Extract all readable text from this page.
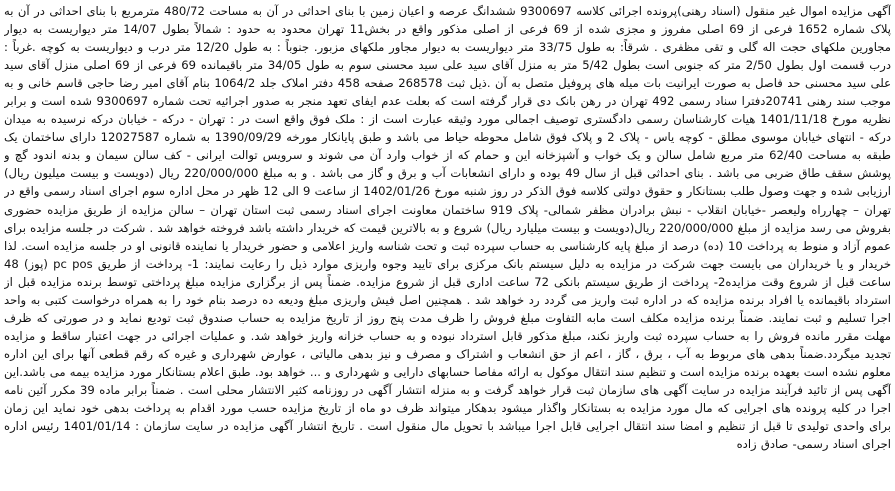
آگهی مزایده اموال غیر منقول (اسناد رهنی)پرونده اجرائی کلاسه 9300697 ششدانگ عرصه و اعیان زمین با بنای احداثی در آن به مساحت 480/72 مترمربع با بنای احداثی در آن به پلاک شماره 1652 فرعی از 69 اصلی مفروز و مجزی شده از 69 فرعی از اصلی مذکور واقع در بخش11 تهران محدود به حدود : شمالاً بطول 14/07 متر دیواریست به دیوار مجاورین ملکهای حجت اله گلی و تقی مظفری . شرقاً: به طول 33/75 متر دیواریست به دیوار مجاور ملکهای مزبور. جنوباً : به طول 12/20 متر درب و دیواریست به کوچه .غرباً : درب قسمت اول بطول 2/50 متر که جنوبی است بطول 5/42 متر به منزل آقای سید علی سید محسنی سوم به طول 34/05 متر باقیمانده 69 فرعی از 69 اصلی منزل آقای سید علی سید محسنی حد فاصل به صورت ایرانیت بات میله های پروفیل متصل به آن .ذیل ثبت 268578 صفحه 458 دفتر املاک جلد 1064/2 بنام آقای امیر رضا حاجی قاسم خانی و به موجب سند رهنی 20741دفترا سناد رسمی 492 تهران در رهن بانک دی قرار گرفته است که بعلت عدم ایفای تعهد منجر به صدور اجرائیه تحت شماره 9300697 شده است و برابر نظریه مورخ 1401/11/18 هیات کارشناسان رسمی دادگستری توصیف اجمالی مورد وثیقه عبارت است از : ملک فوق واقع است در : تهران - درکه - خیابان درکه نرسیده به میدان درکه - انتهای خیابان موسوی مطلق - کوچه یاس - پلاک 2 و پلاک فوق شامل محوطه حیاط می باشد و طبق پایانکار مورخه 1390/09/29 به شماره 12027587 دارای ساختمان یک طبقه به مساحت 62/40 متر مربع شامل سالن و یک خواب و آشپزخانه این و حمام که از خواب وارد آن می شوند و سرویس توالت ایرانی - کف سالن سیمان و بدنه اندود گچ و پوشش سقف طاق ضربی می باشد . بنای احداثی قبل از سال 49 بوده و دارای انشعابات آب و برق و گاز می باشد . و به مبلغ 220/000/000 ریال (دویست و بیست میلیون ریال) ارزیابی شده و جهت وصول طلب بستانکار و حقوق دولتی کلاسه فوق الذکر در روز شنبه مورخ 1402/01/26 از ساعت 9 الی 12 ظهر در محل اداره سوم اجرای اسناد رسمی واقع در تهران – چهارراه ولیعصر -خیابان انقلاب - نبش برادران مظفر شمالی- پلاک 919 ساختمان معاونت اجرای اسناد رسمی ثبت استان تهران – سالن مزایده از طریق مزایده حضوری بفروش می رسد مزایده از مبلغ 220/000/000 ریال(دویست و بیست میلیارد ریال) شروع و به بالاترین قیمت که خریدار داشته باشد فروخته خواهد شد . شرکت در جلسه مزایده برای عموم آزاد و منوط به پرداخت 10 (ده) درصد از مبلغ پایه کارشناسی به حساب سپرده ثبت و تحت شناسه واریز اعلامی و حضور خریدار یا نماینده قانونی او در جلسه مزایده است. لذا خریدار و یا خریداران می بایست جهت شرکت در مزایده به دلیل سیستم بانک مرکزی برای تایید وجوه واریزی موارد ذیل را رعایت نمایند: 1- پرداخت از طریق pc pos (پوز) 48 ساعت قبل از شروع وقت مزایده2- پرداخت از طریق سیستم بانکی 72 ساعت اداری قبل از شروع مزایده. ضمناً پس از برگزاری مزایده مبلغ پرداختی توسط برنده مزایده قبل از استرداد باقیمانده یا افراد برنده مزایده که در اداره ثبت واریز می گردد رد خواهد شد . همچنین اصل فیش واریزی مبلغ ودیعه ده درصد بنام خود را به همراه درخواست کتبی به واحد اجرا تسلیم و ثبت نمایند. ضمناً برنده مزایده مکلف است مابه التفاوت مبلغ فروش را ظرف مدت پنج روز از تاریخ مزایده به حساب صندوق ثبت تودیع نماید و در صورتی که ظرف مهلت مقرر مانده فروش را به حساب سپرده ثبت واریز نکند، مبلغ مذکور قابل استرداد نبوده و به حساب خزانه واریز خواهد شد. و عملیات اجرائی در جهت اعتبار ساقط و مزایده تجدید میگردد.ضمناً بدهی های مربوط به آب ، برق ، گاز ، اعم از حق انشعاب و اشتراک و مصرف و نیز بدهی مالیاتی ، عوارض شهرداری و غیره که رقم قطعی آنها برای این اداره معلوم نشده است بعهده برنده مزایده است و تنظیم سند انتقال موکول به ارائه مفاصا حسابهای دارایی و شهرداری و ... خواهد بود. طبق اعلام بستانکار مورد مزایده بیمه می باشد.این آگهی پس از تائید فرآیند مزایده در سایت آگهی های سازمان ثبت قرار خواهد گرفت و به منزله انتشار آگهی در روزنامه کثیر الانتشار محلی است . ضمناً برابر ماده 39 مکرر آئین نامه اجرا در کلیه پرونده های اجرایی که مال مورد مزایده به بستانکار واگذار میشود بدهکار میتواند ظرف دو ماه از تاریخ مزایده حسب مورد اقدام به پرداخت بدهی خود نماید این زمان برای واحدی تولیدی تا قبل از تنظیم و امضا سند انتقال اجرایی قابل اجرا میباشد با تحویل مال منقول است . تاریخ انتشار آگهی مزایده در سایت سازمان : 1401/01/14 رئیس اداره اجرای اسناد رسمی- صادق زاده
